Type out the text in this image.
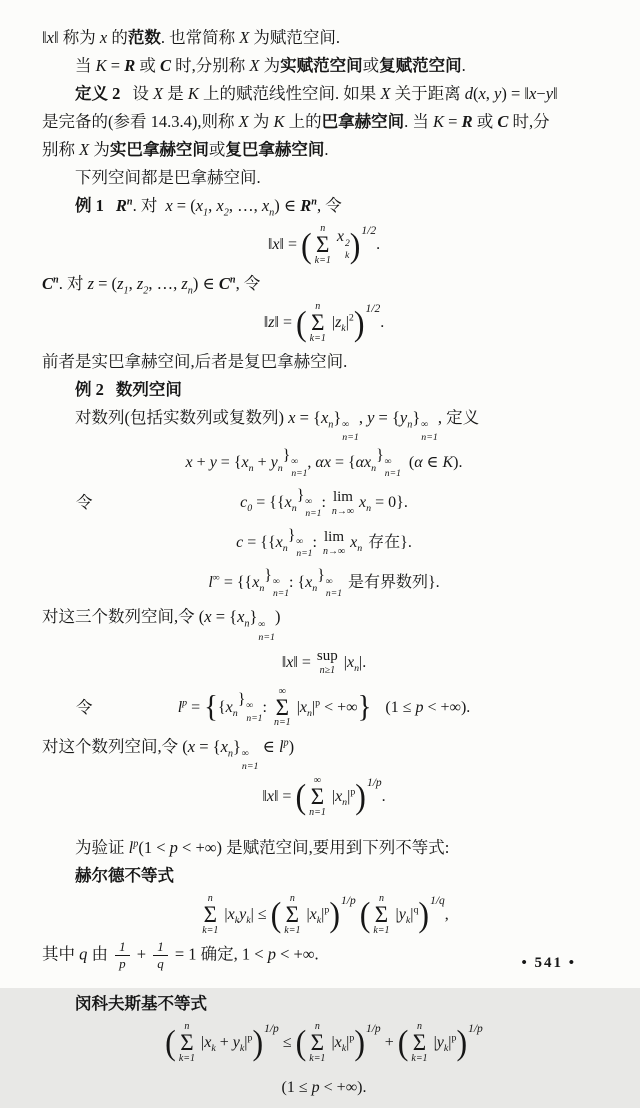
‖x‖ 称为 x 的范数. 也常简称 X 为赋范空间.
当 K = R 或 C 时,分别称 X 为实赋范空间或复赋范空间.
定义 2 设 X 是 K 上的赋范线性空间. 如果 X 关于距离 d(x, y) = ‖x−y‖
是完备的(参看 14.3.4),则称 X 为 K 上的巴拿赫空间. 当 K = R 或 C 时,分
别称 X 为实巴拿赫空间或复巴拿赫空间.
下列空间都是巴拿赫空间.
例 1 $R^n$. 对 $x = (x_1$, $x_2$, …, $x_n$) ∈ $R^n$, 令
‖ x ‖ = ( n
Σ
k=1
x 2
k ) 1/2
.
$C^n$. 对 $z = (z_1$, $z_2$, …, $z_n$) ∈ $C^n$, 令
‖ z ‖ = ( n
Σ
k=1
| $z_k$ $|^2$ ) 1/2
.
前者是实巴拿赫空间,后者是复巴拿赫空间.
例 2 数列空间
对数列(包括实数列或复数列) $x = \{x_n\}$ ∞
n=1
, $y = \{y_n\}$ ∞
n=1
, 定义
x + y = { $x_n + y_n$
} ∞
n=1
, α x = { α $x_n$
} ∞
n=1
( α ∈ K ).
令	$c_0$ = {{ $x_n$
} ∞
n=1
: lim
n→∞ $x_n = 0$}.
c = {{ $x_n$
} ∞
n=1
: lim
n→∞ $x_n$ 存在}.
l∞ = {{ $x_n$
} ∞
n=1
: { $x_n$
} ∞
n=1
是有界数列}.
对这三个数列空间,令 ($x = \{x_n\}$ ∞
n=1
)
‖ x ‖ = sup
n≥1 | $x_n$ |.
令	$l^p$ = { { $x_n$
} ∞
n=1
:
∞
Σ
n=1
| $x_n$ $|^p$ < +∞ } (1 ≤ p < +∞).
对这个数列空间,令 ($x = \{x_n\}$ ∞
n=1
∈ $l^p$)
‖ x ‖ = ( ∞
Σ
n=1
| $x_n$ $|^p$ ) 1/p
.
为验证 $l^p(1 < p$ < +∞) 是赋范空间,要用到下列不等式:
赫尔德不等式
n
Σ
k=1
| $x_k$ $y_k$ | ≤ ( n
Σ
k=1
| $x_k$ $|^p$ ) 1/p ( n
Σ
k=1
| $y_k$ $|^q$ ) 1/q
,
其中 q 由 $\frac{1}{p} + \frac{1}{q} = 1$ 确定, 1 < p < +∞.
闵科夫斯基不等式
( n
Σ
k=1
| $x_k + y_k$ $|^p$ ) 1/p
≤ ( n
Σ
k=1
| $x_k$ $|^p$ ) 1/p
+ ( n
Σ
k=1
| $y_k$ $|^p$ ) 1/p
(1 ≤ p < +∞).
• 541 •
